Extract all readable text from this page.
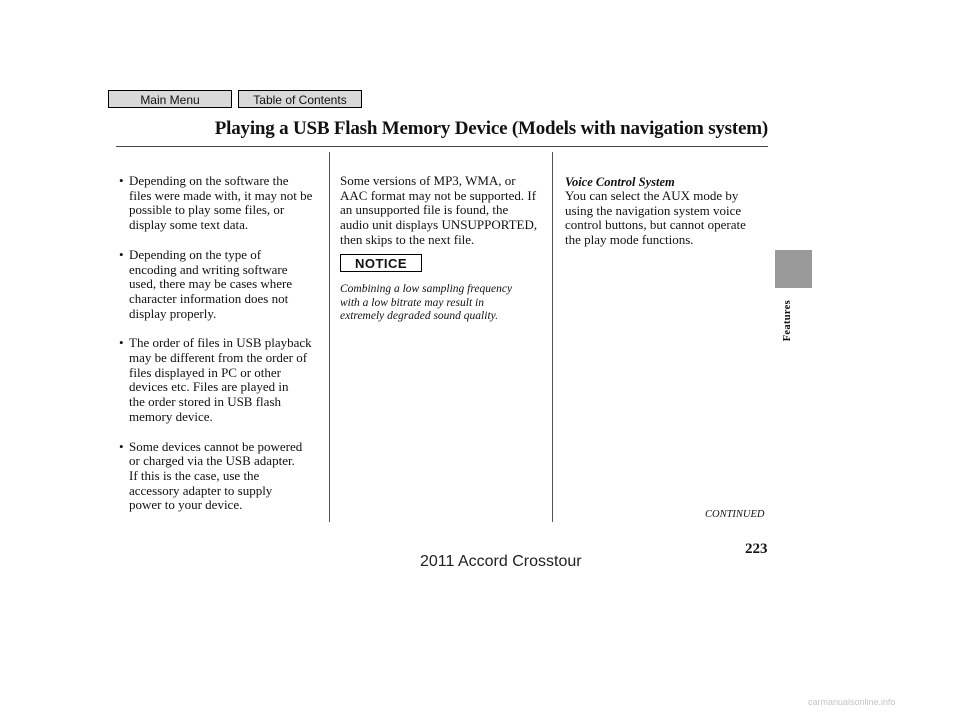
Main Menu	Table of Contents
Playing a USB Flash Memory Device (Models with navigation system)
• Depending on the software the
files were made with, it may not be
possible to play some files, or
display some text data.
• Depending on the type of
encoding and writing software
used, there may be cases where
character information does not
display properly.
• The order of files in USB playback
may be different from the order of
files displayed in PC or other
devices etc. Files are played in
the order stored in USB flash
memory device.
• Some devices cannot be powered
or charged via the USB adapter.
If this is the case, use the
accessory adapter to supply
power to your device.
Some versions of MP3, WMA, or
AAC format may not be supported. If
an unsupported file is found, the
audio unit displays UNSUPPORTED,
then skips to the next file.
NOTICE
Combining a low sampling frequency
with a low bitrate may result in
extremely degraded sound quality.
Voice Control System
You can select the AUX mode by
using the navigation system voice
control buttons, but cannot operate
the play mode functions.
CONTINUED
223
Features
2011 Accord Crosstour
carmanualsonline.info
